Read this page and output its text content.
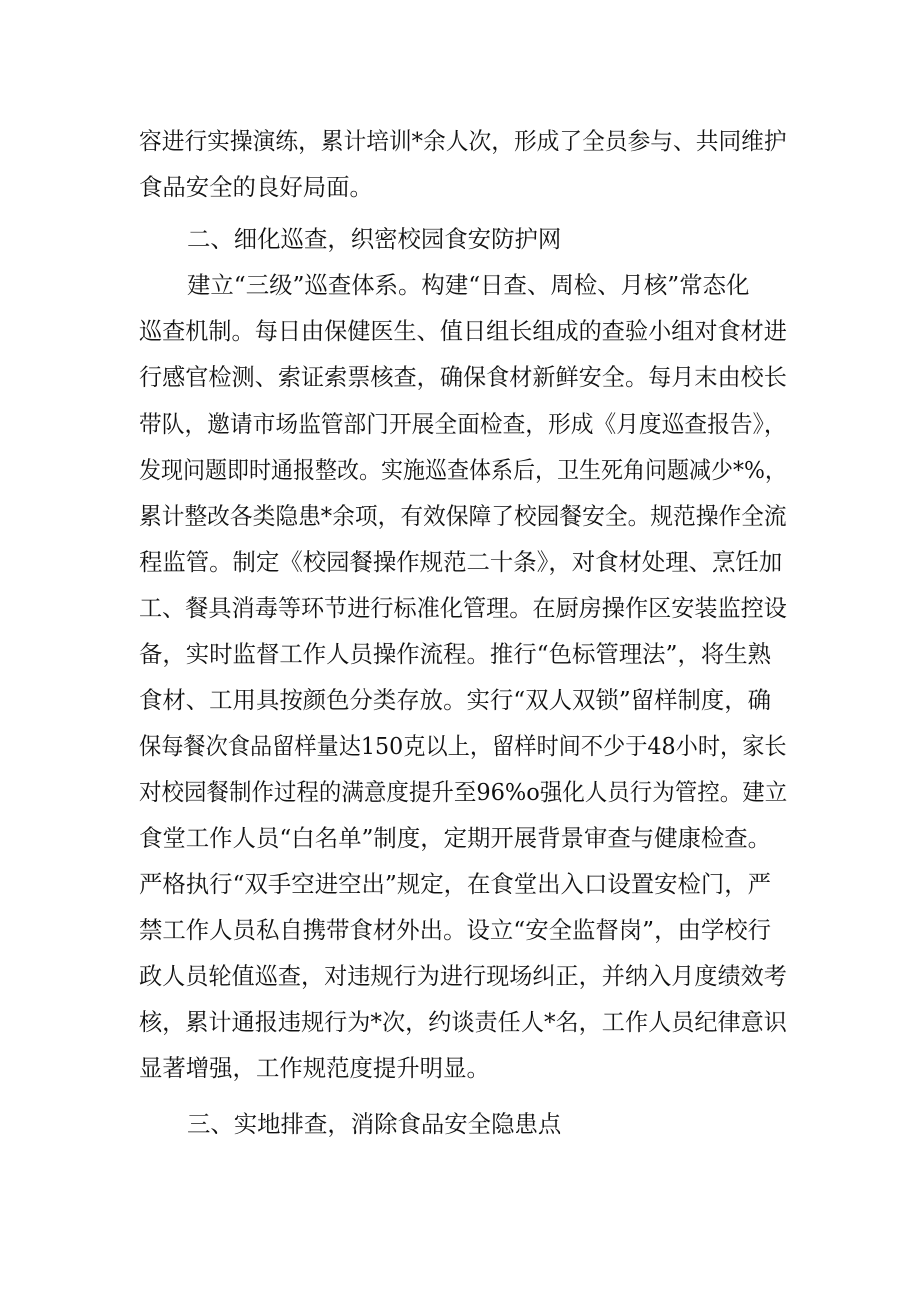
容进行实操演练，累计培训*余人次，形成了全员参与、共同维护
食品安全的良好局面。
二、细化巡查，织密校园食安防护网
建立“三级”巡查体系。构建“日查、周检、月核”常态化
巡查机制。每日由保健医生、值日组长组成的查验小组对食材进
行感官检测、索证索票核查，确保食材新鲜安全。每月末由校长
带队，邀请市场监管部门开展全面检查，形成《月度巡查报告》，
发现问题即时通报整改。实施巡查体系后，卫生死角问题减少*%，
累计整改各类隐患*余项，有效保障了校园餐安全。规范操作全流
程监管。制定《校园餐操作规范二十条》，对食材处理、烹饪加
工、餐具消毒等环节进行标准化管理。在厨房操作区安装监控设
备，实时监督工作人员操作流程。推行“色标管理法”，将生熟
食材、工用具按颜色分类存放。实行“双人双锁”留样制度，确
保每餐次食品留样量达150克以上，留样时间不少于48小时，家长
对校园餐制作过程的满意度提升至96%o强化人员行为管控。建立
食堂工作人员“白名单”制度，定期开展背景审查与健康检查。
严格执行“双手空进空出”规定，在食堂出入口设置安检门，严
禁工作人员私自携带食材外出。设立“安全监督岗”，由学校行
政人员轮值巡查，对违规行为进行现场纠正，并纳入月度绩效考
核，累计通报违规行为*次，约谈责任人*名，工作人员纪律意识
显著增强，工作规范度提升明显。
三、实地排查，消除食品安全隐患点
